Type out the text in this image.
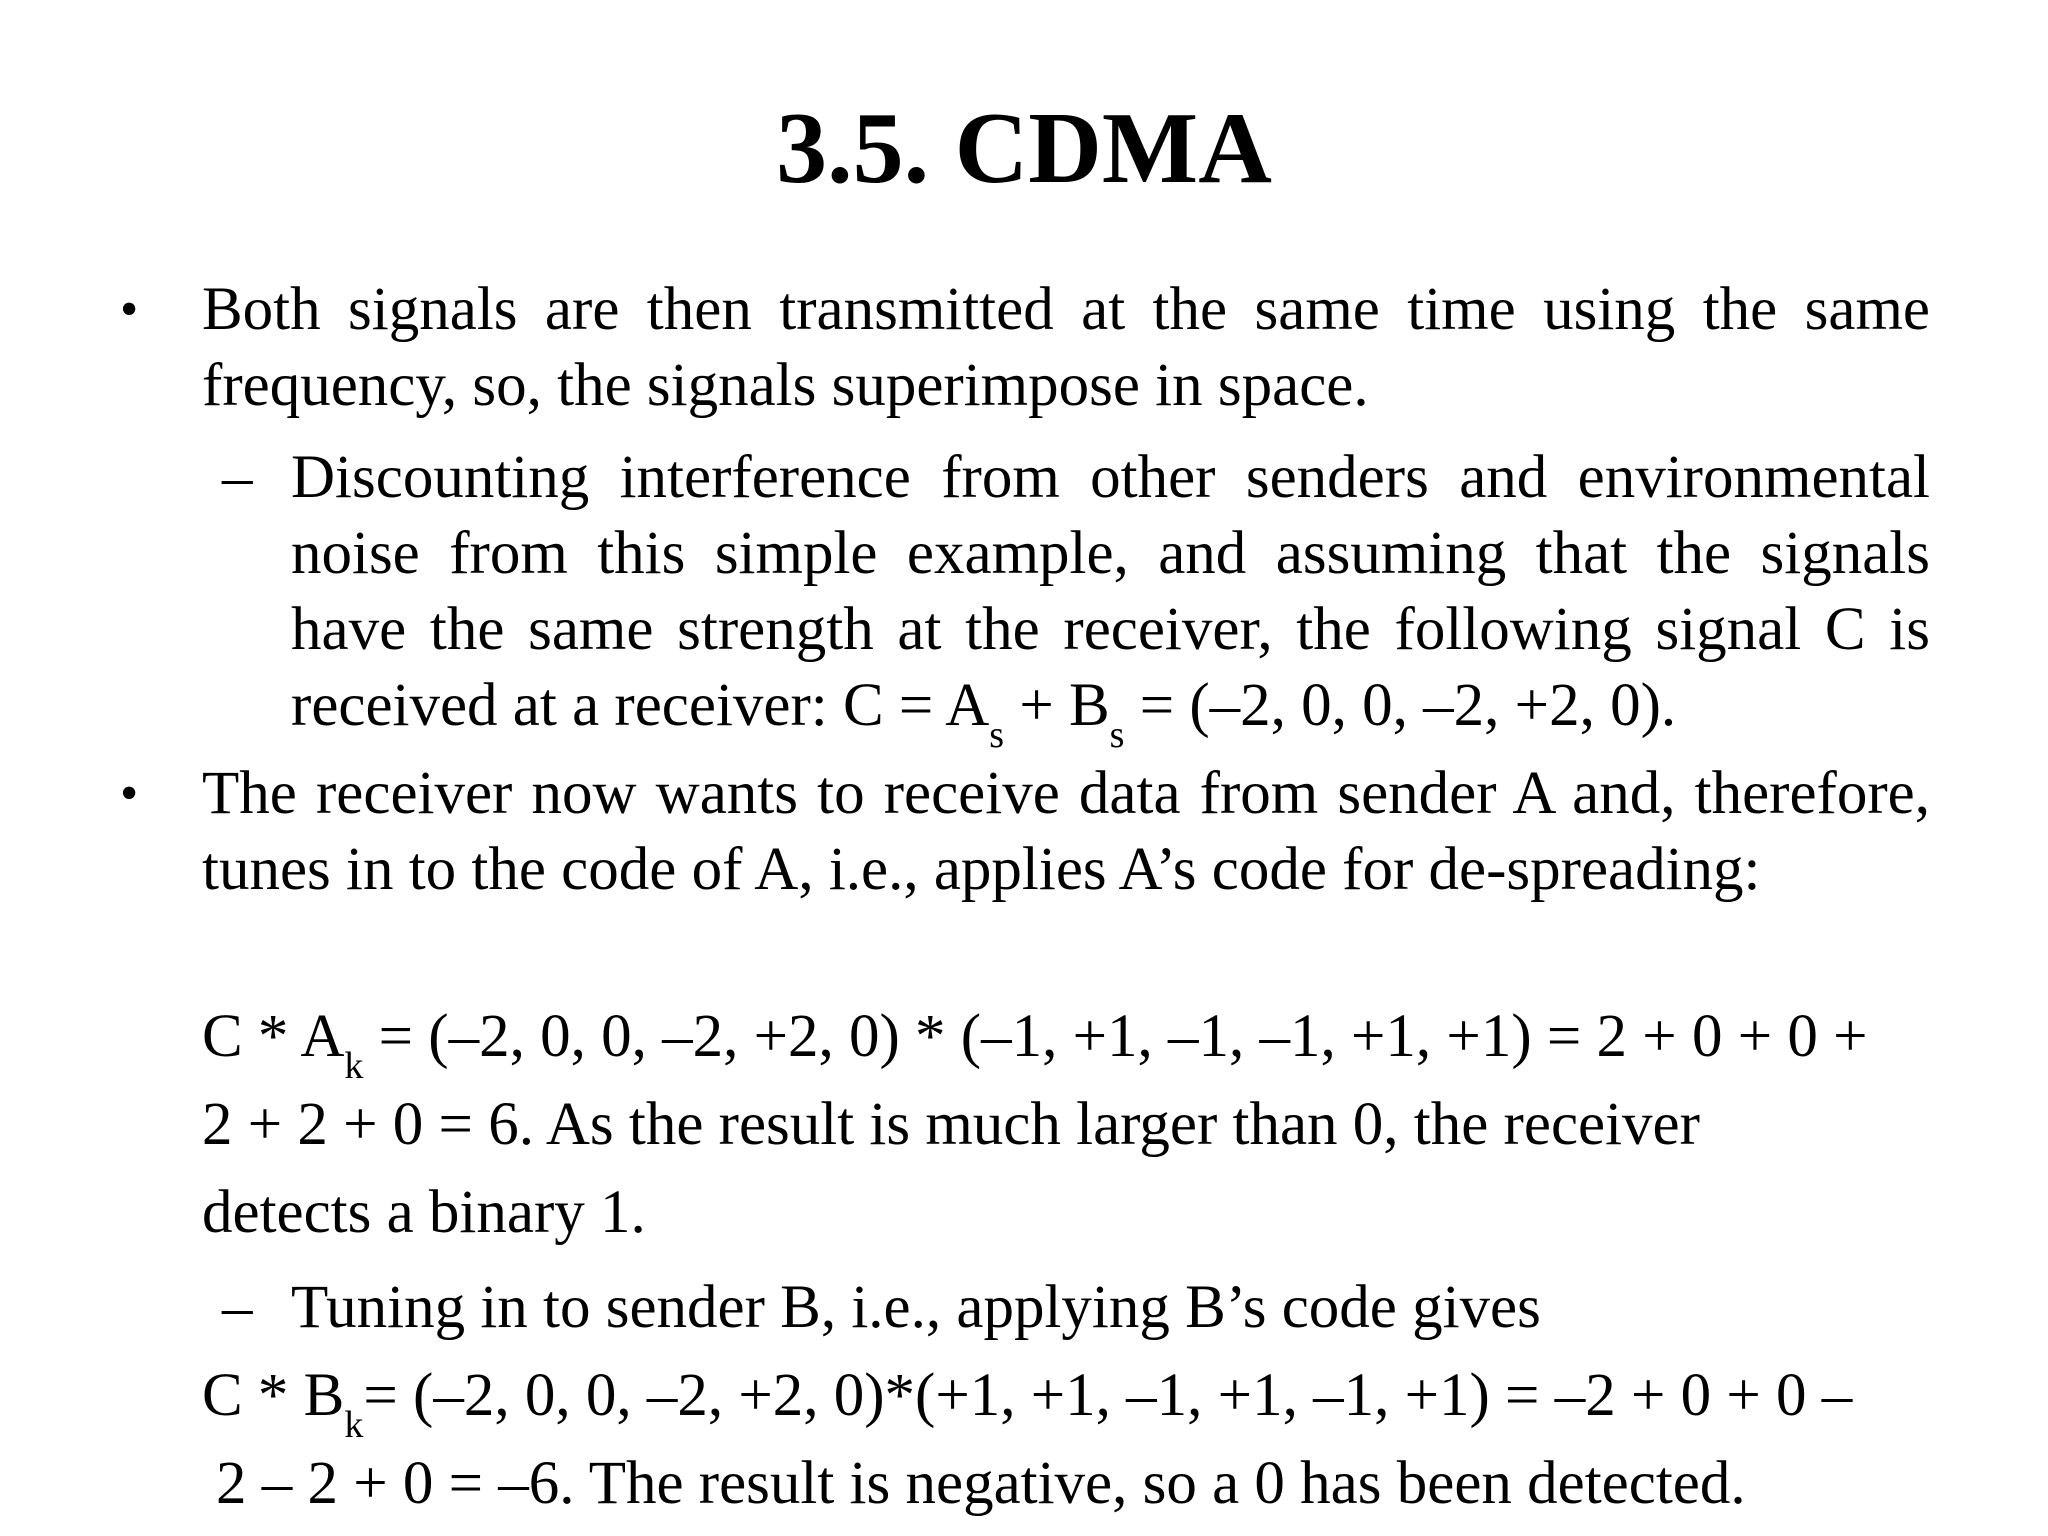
3.5. CDMA
• Both signals are then transmitted at the same time using the same frequency, so, the signals superimpose in space.

– Discounting interference from other senders and environmental noise from this simple example, and assuming that the signals have the same strength at the receiver, the following signal C is received at a receiver: $C = A_s + B_s = (-2$, 0, 0, –2, +2, 0).

• The receiver now wants to receive data from sender A and, therefore, tunes in to the code of A, i.e., applies A’s code for de-spreading:

$C * A_k = (-2$, 0, 0, –2, +2, 0) * (–1, +1, –1, –1, +1, +1) = 2 + 0 + 0 +
2 + 2 + 0 = 6. As the result is much larger than 0, the receiver
detects a binary 1.
– Tuning in to sender B, i.e., applying B’s code gives
$C * B_k= (-2$, 0, 0, –2, +2, 0)*(+1, +1, –1, +1, –1, +1) = –2 + 0 + 0 –
2 – 2 + 0 = –6. The result is negative, so a 0 has been detected.
